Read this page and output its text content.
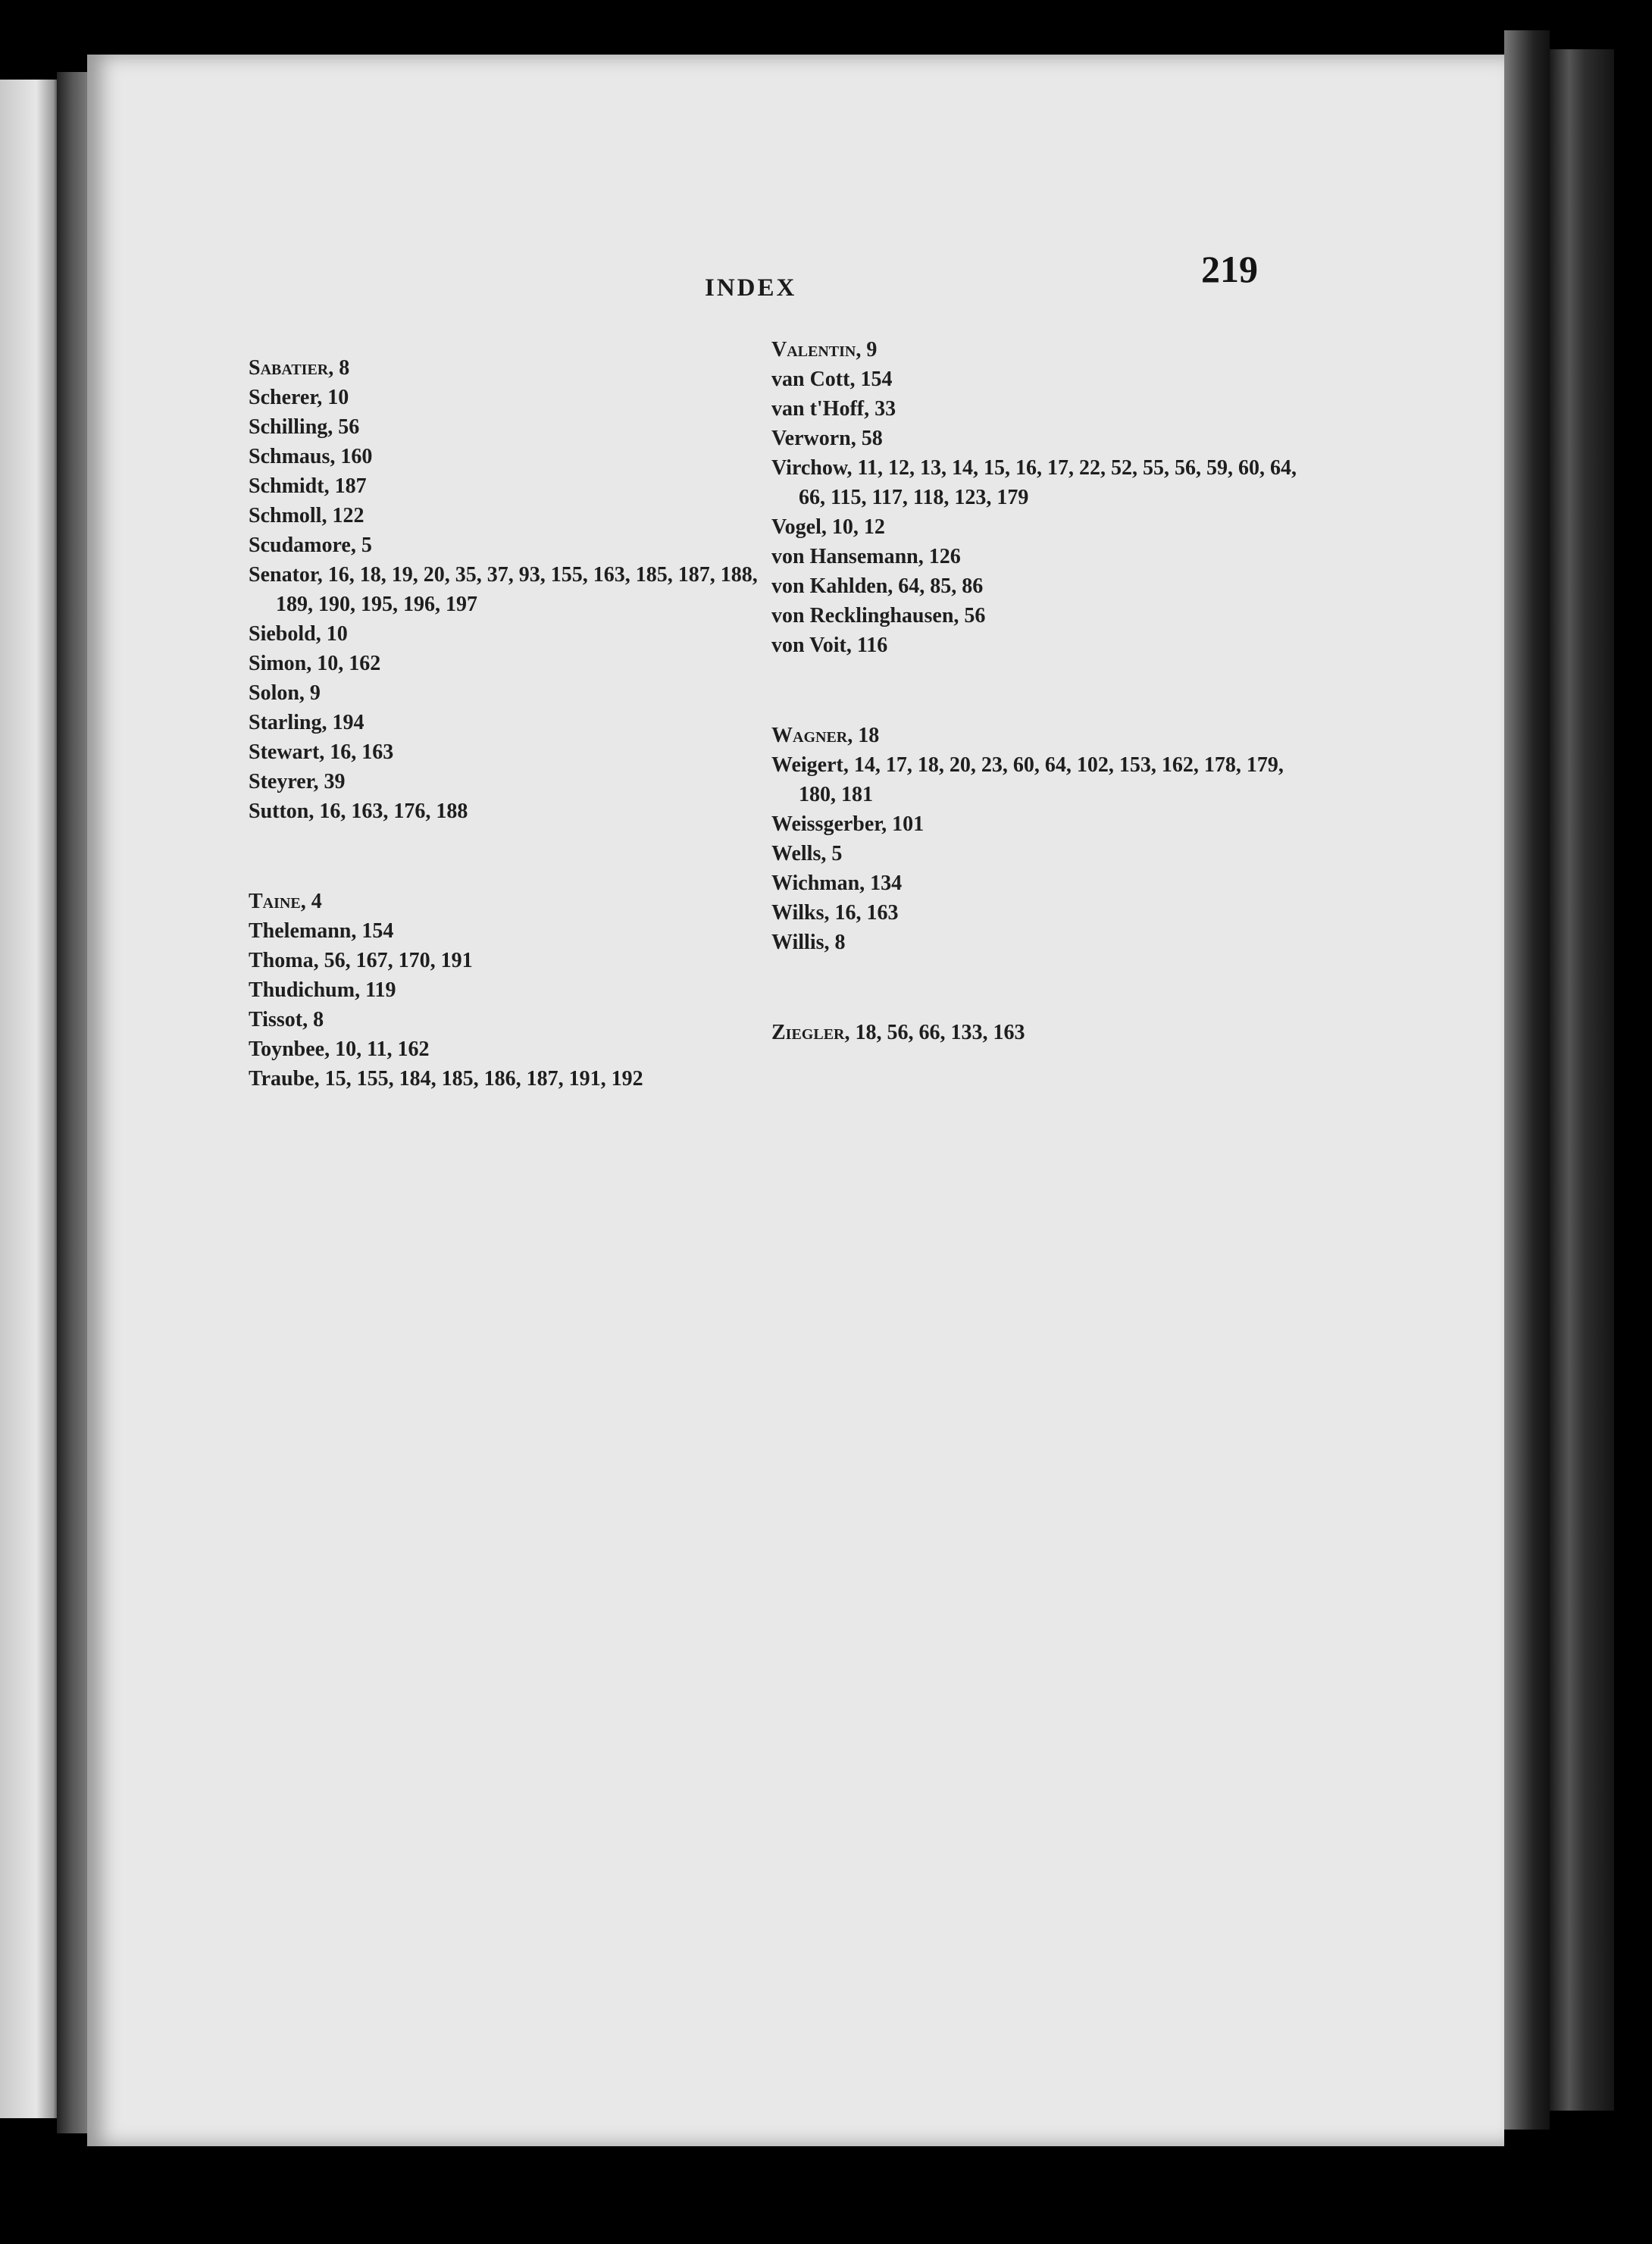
INDEX	219

Sabatier, 8

Scherer, 10

Schilling, 56

Schmaus, 160

Schmidt, 187

Schmoll, 122

Scudamore, 5

Senator, 16, 18, 19, 20, 35, 37, 93, 155, 163, 185, 187, 188, 189, 190, 195, 196, 197

Siebold, 10

Simon, 10, 162

Solon, 9

Starling, 194

Stewart, 16, 163

Steyrer, 39

Sutton, 16, 163, 176, 188

Taine, 4

Thelemann, 154

Thoma, 56, 167, 170, 191

Thudichum, 119

Tissot, 8

Toynbee, 10, 11, 162

Traube, 15, 155, 184, 185, 186, 187, 191, 192

Valentin, 9

van Cott, 154

van t'Hoff, 33

Verworn, 58

Virchow, 11, 12, 13, 14, 15, 16, 17, 22, 52, 55, 56, 59, 60, 64, 66, 115, 117, 118, 123, 179

Vogel, 10, 12

von Hansemann, 126

von Kahlden, 64, 85, 86

von Recklinghausen, 56

von Voit, 116

Wagner, 18

Weigert, 14, 17, 18, 20, 23, 60, 64, 102, 153, 162, 178, 179, 180, 181

Weissgerber, 101

Wells, 5

Wichman, 134

Wilks, 16, 163

Willis, 8

Ziegler, 18, 56, 66, 133, 163
